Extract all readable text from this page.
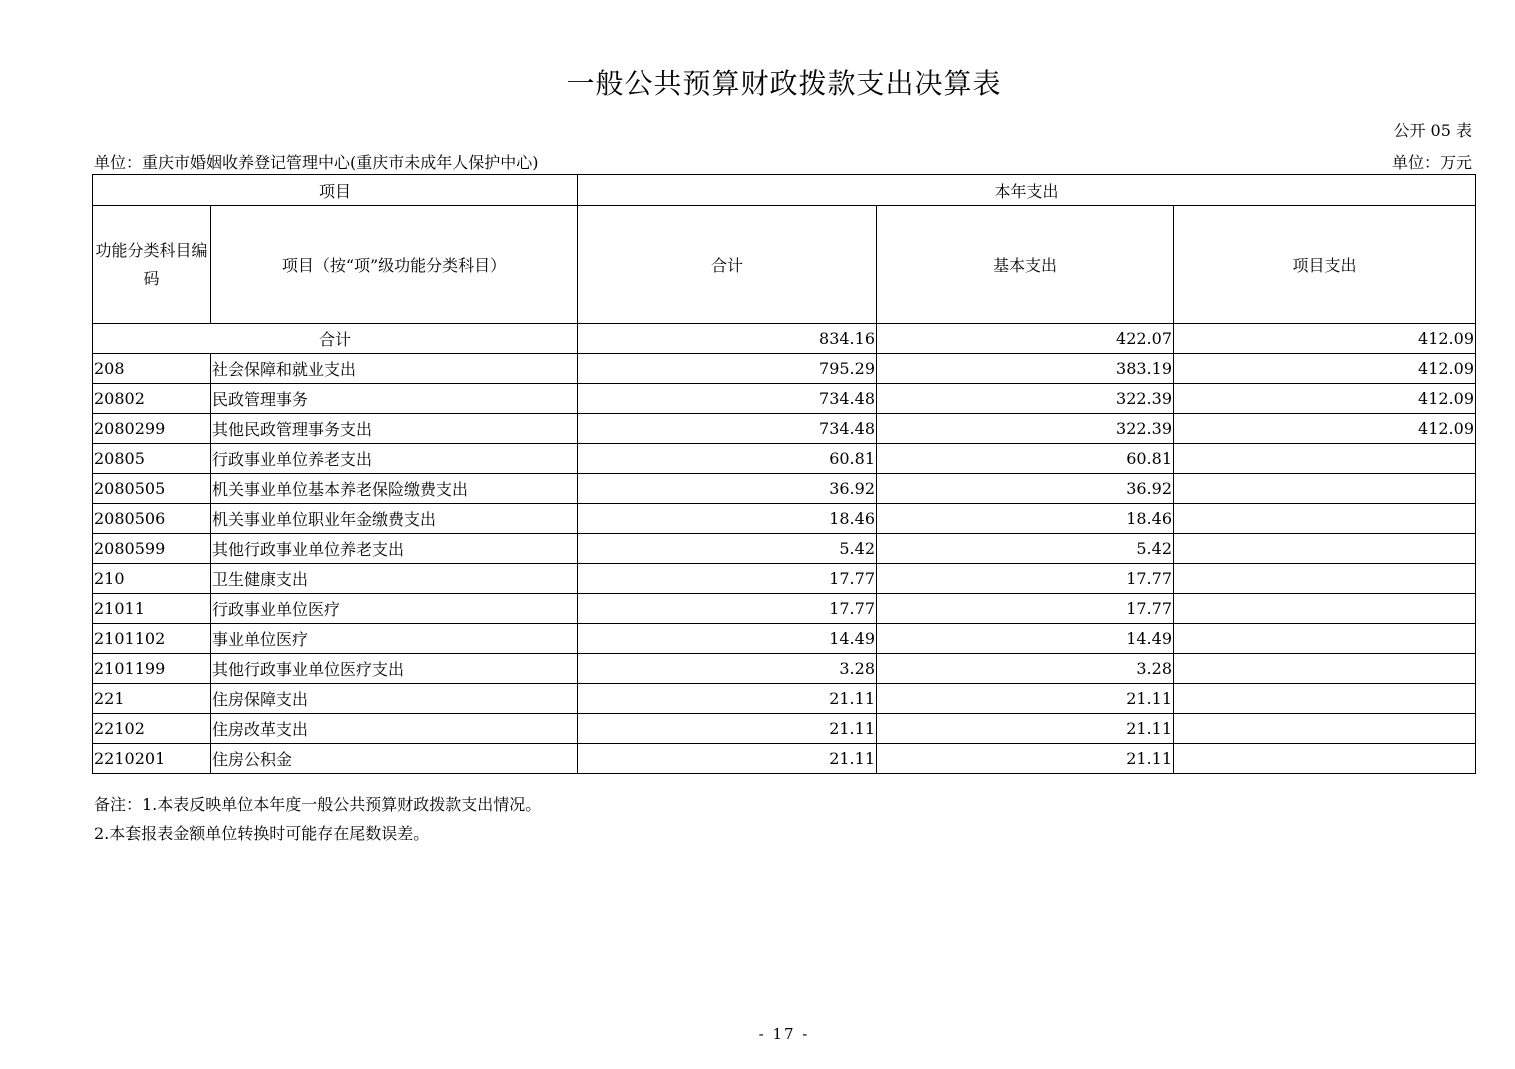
一般公共预算财政拨款支出决算表
公开 05 表
单位：重庆市婚姻收养登记管理中心(重庆市未成年人保护中心)	单位：万元
项目		本年支出		
功能分类科目编码	项目（按“项”级功能分类科目）	合计	基本支出	项目支出
合计		834.16	422.07	412.09
208	社会保障和就业支出	795.29	383.19	412.09
20802	民政管理事务	734.48	322.39	412.09
2080299	其他民政管理事务支出	734.48	322.39	412.09
20805	行政事业单位养老支出	60.81	60.81	
2080505	机关事业单位基本养老保险缴费支出	36.92	36.92	
2080506	机关事业单位职业年金缴费支出	18.46	18.46	
2080599	其他行政事业单位养老支出	5.42	5.42	
210	卫生健康支出	17.77	17.77	
21011	行政事业单位医疗	17.77	17.77	
2101102	事业单位医疗	14.49	14.49	
2101199	其他行政事业单位医疗支出	3.28	3.28	
221	住房保障支出	21.11	21.11	
22102	住房改革支出	21.11	21.11	
2210201	住房公积金	21.11	21.11	
备注：1.本表反映单位本年度一般公共预算财政拨款支出情况。
2.本套报表金额单位转换时可能存在尾数误差。
- 17 -
